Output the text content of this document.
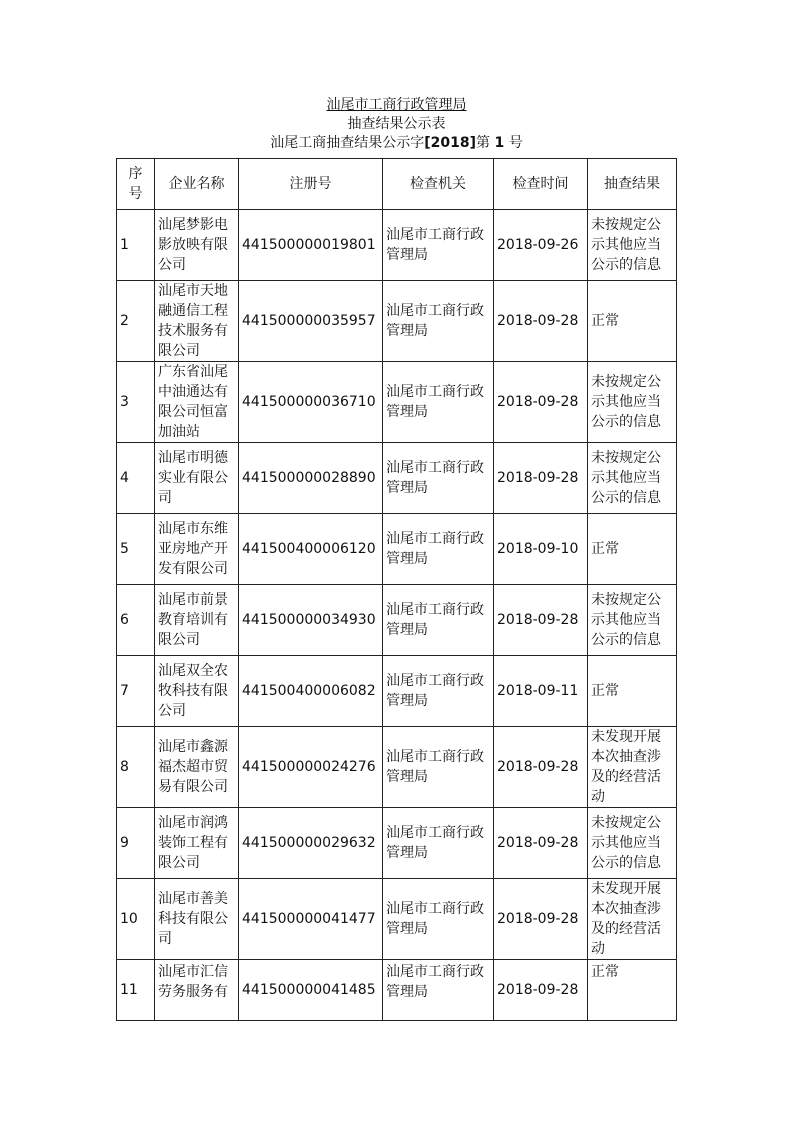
汕尾市工商行政管理局
抽查结果公示表
汕尾工商抽查结果公示字[2018]第 1 号
序号	企业名称	注册号	检查机关	检查时间	抽查结果
1	汕尾梦影电影放映有限公司	441500000019801	汕尾市工商行政管理局	2018-09-26	未按规定公示其他应当公示的信息
2	汕尾市天地融通信工程技术服务有限公司	441500000035957	汕尾市工商行政管理局	2018-09-28	正常
3	广东省汕尾中油通达有限公司恒富加油站	441500000036710	汕尾市工商行政管理局	2018-09-28	未按规定公示其他应当公示的信息
4	汕尾市明德实业有限公司	441500000028890	汕尾市工商行政管理局	2018-09-28	未按规定公示其他应当公示的信息
5	汕尾市东维亚房地产开发有限公司	441500400006120	汕尾市工商行政管理局	2018-09-10	正常
6	汕尾市前景教育培训有限公司	441500000034930	汕尾市工商行政管理局	2018-09-28	未按规定公示其他应当公示的信息
7	汕尾双全农牧科技有限公司	441500400006082	汕尾市工商行政管理局	2018-09-11	正常
8	汕尾市鑫源福杰超市贸易有限公司	441500000024276	汕尾市工商行政管理局	2018-09-28	未发现开展本次抽查涉及的经营活动
9	汕尾市润鸿装饰工程有限公司	441500000029632	汕尾市工商行政管理局	2018-09-28	未按规定公示其他应当公示的信息
10	汕尾市善美科技有限公司	441500000041477	汕尾市工商行政管理局	2018-09-28	未发现开展本次抽查涉及的经营活动
11	汕尾市汇信劳务服务有	441500000041485	汕尾市工商行政管理局	2018-09-28	正常
